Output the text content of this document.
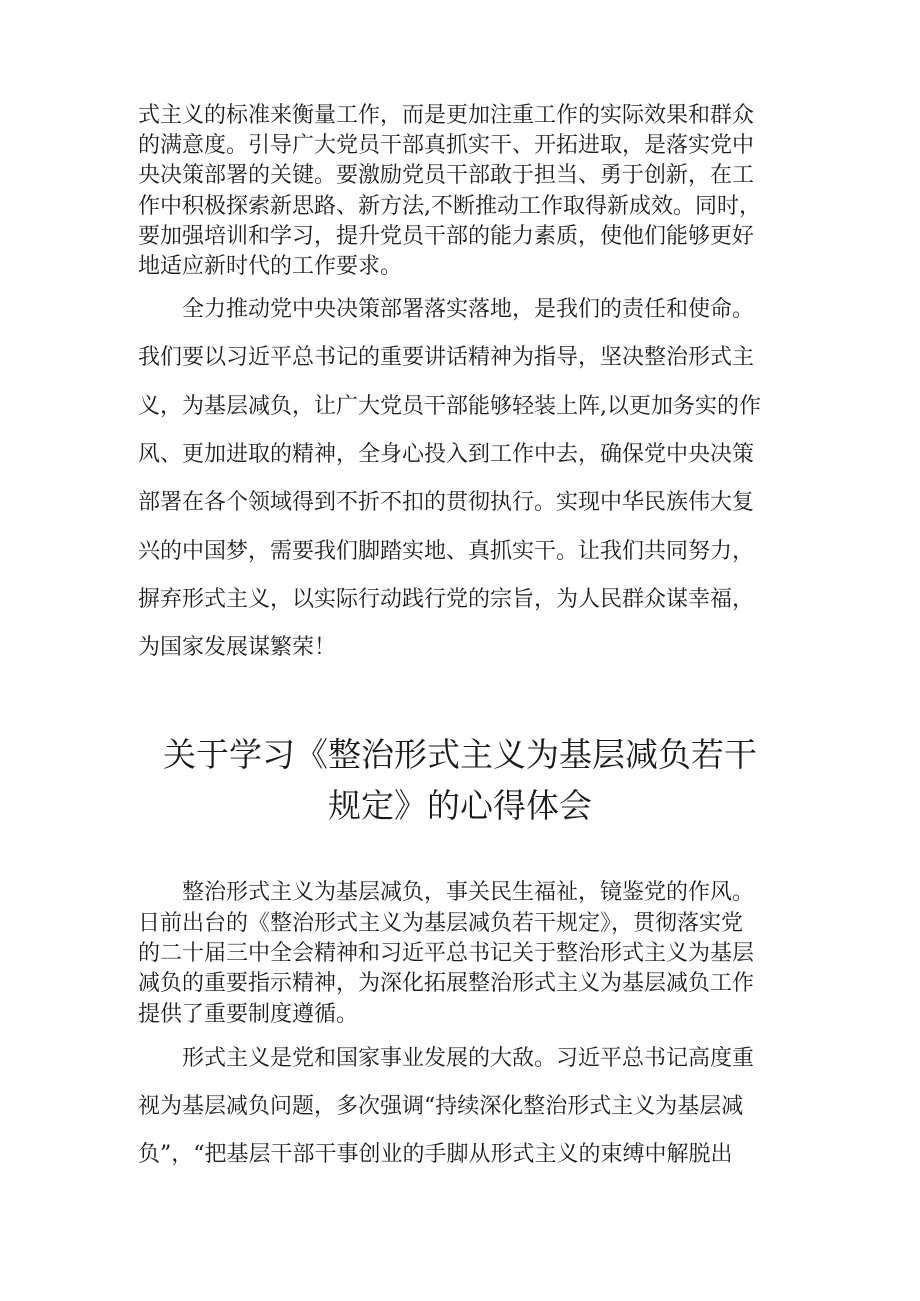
式主义的标准来衡量工作，而是更加注重工作的实际效果和群众
的满意度。引导广大党员干部真抓实干、开拓进取，是落实党中
央决策部署的关键。要激励党员干部敢于担当、勇于创新，在工
作中积极探索新思路、新方法,不断推动工作取得新成效。同时，
要加强培训和学习，提升党员干部的能力素质，使他们能够更好
地适应新时代的工作要求。
　　全力推动党中央决策部署落实落地，是我们的责任和使命。
我们要以习近平总书记的重要讲话精神为指导，坚决整治形式主
义，为基层减负，让广大党员干部能够轻装上阵,以更加务实的作
风、更加进取的精神，全身心投入到工作中去，确保党中央决策
部署在各个领域得到不折不扣的贯彻执行。实现中华民族伟大复
兴的中国梦，需要我们脚踏实地、真抓实干。让我们共同努力，
摒弃形式主义，以实际行动践行党的宗旨，为人民群众谋幸福，
为国家发展谋繁荣！
关于学习《整治形式主义为基层减负若干
规定》的心得体会
　　整治形式主义为基层减负，事关民生福祉，镜鉴党的作风。
日前出台的《整治形式主义为基层减负若干规定》，贯彻落实党
的二十届三中全会精神和习近平总书记关于整治形式主义为基层
减负的重要指示精神，为深化拓展整治形式主义为基层减负工作
提供了重要制度遵循。
　　形式主义是党和国家事业发展的大敌。习近平总书记高度重
视为基层减负问题，多次强调“持续深化整治形式主义为基层减
负”，“把基层干部干事创业的手脚从形式主义的束缚中解脱出
